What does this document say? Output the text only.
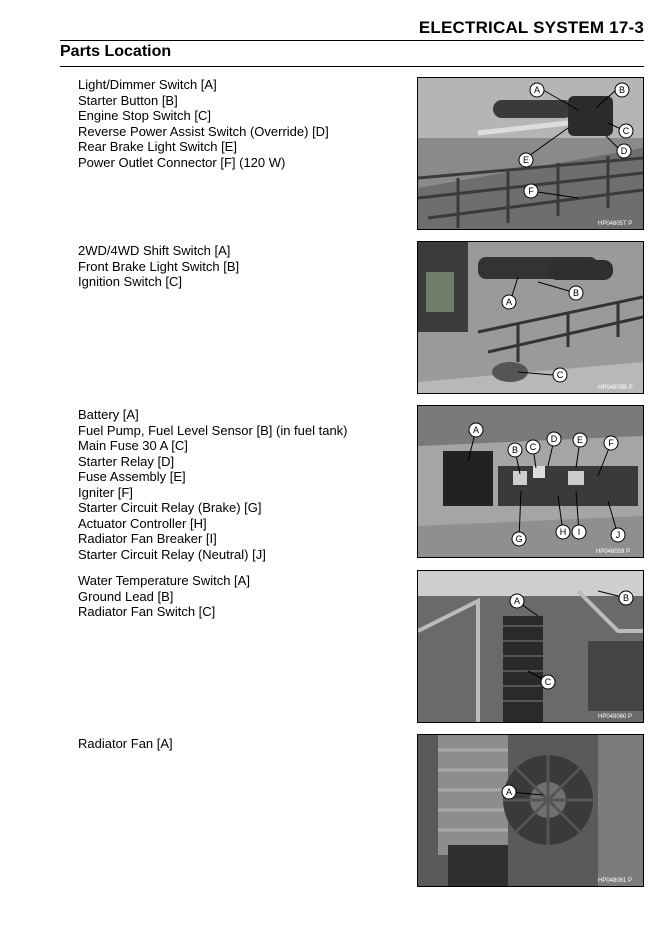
ELECTRICAL SYSTEM 17-3
Parts Location
Light/Dimmer Switch [A]
Starter Button [B]
Engine Stop Switch [C]
Reverse Power Assist Switch (Override) [D]
Rear Brake Light Switch [E]
Power Outlet Connector [F] (120 W)
A	B
C
D
E
F
HP04805T P
2WD/4WD Shift Switch [A]
Front Brake Light Switch [B]
Ignition Switch [C]
A
B
C
HP04805B P
Battery [A]
Fuel Pump, Fuel Level Sensor [B] (in fuel tank)
Main Fuse 30 A [C]
Starter Relay [D]
Fuse Assembly [E]
Igniter [F]
Starter Circuit Relay (Brake) [G]
Actuator Controller [H]
Radiator Fan Breaker [I]
Starter Circuit Relay (Neutral) [J]
A
B C
D E	F
G
H I	J
HP048059 P
Water Temperature Switch [A]
Ground Lead [B]
Radiator Fan Switch [C]
A	B
C
HP048060 P
Radiator Fan [A]
A
HP048061 P
